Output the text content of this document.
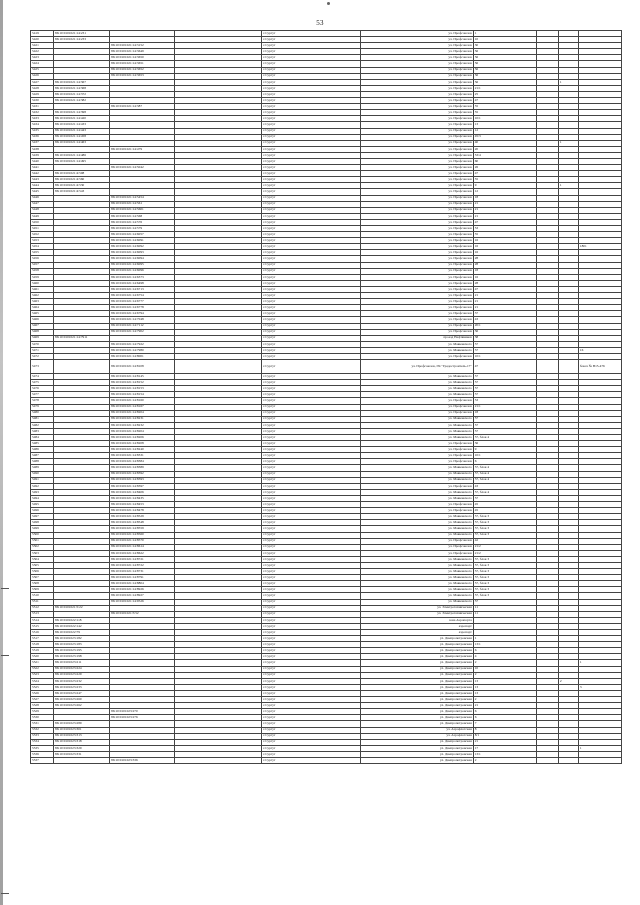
53
5419	86:10:0101021:14:231			г.Сургут	ул. Профсоюзов	1			
5420	86:10:0101021:14:233			г.Сургут	ул. Профсоюзов	10			
5421		86:10:0101021:14:3152		г.Сургут	ул. Профсоюзов	30			
5422		86:10:0101021:14:3649		г.Сургут	ул. Профсоюзов	56			
5423		86:10:0101021:14:3650		г.Сургут	ул. Профсоюзов	56			
5424		86:10:0101021:14:3651		г.Сургут	ул. Профсоюзов	56			
5425		86:10:0101021:14:3652		г.Сургут	ул. Профсоюзов	56			
5426		86:10:0101021:14:3653		г.Сургут	ул. Профсоюзов	56			
5427	86:10:0101021:14:367			г.Сургут	ул. Профсоюзов	56		1	
5428	86:10:0101021:14:368			г.Сургут	ул. Профсоюзов	21/1			
5429	86:10:0101021:14:372			г.Сургут	ул. Профсоюзов	25			
5430	86:10:0101021:14:382			г.Сургут	ул. Профсоюзов	47			
5431		86:10:0101021:14:387		г.Сургут	ул. Профсоюзов	55			
5432	86:10:0101021:14:398			г.Сургут	ул. Профсоюзов	55			
5433	86:10:0101021:14:420			г.Сургут	ул. Профсоюзов	10/1			
5434	86:10:0101021:14:433			г.Сургут	ул. Профсоюзов	13			
5435	86:10:0101021:14:443			г.Сургут	ул. Профсоюзов	12			
5436	86:10:0101021:14:458			г.Сургут	ул. Профсоюзов	45/3			
5437	86:10:0101021:14:463			г.Сургут	ул. Профсоюзов	40		1	
5438		86:10:0101021:14:479		г.Сургут	ул. Профсоюзов	20			
5439	86:10:0101021:14:486			г.Сургут	ул. Профсоюзов	53/4			
5440	86:10:0101021:14:495			г.Сургут	ул. Профсоюзов	60			
5441		86:10:0101021:14:5042		г.Сургут	ул. Профсоюзов	26			
5442	86:10:0101021:4:508			г.Сургут	ул. Профсоюзов	47			
5443	86:10:0101021:4:560			г.Сургут	ул. Профсоюзов	55			
5444	86:10:0101021:4:530			г.Сургут	ул. Профсоюзов	9		1	
5445	86:10:0101021:4:543			г.Сургут	ул. Профсоюзов	12			
5446		86:10:0101021:14:5454		г.Сургут	ул. Профсоюзов	18			
5447		86:10:0101021:14:561		г.Сургут	ул. Профсоюзов	21			
5448		86:10:0101021:14:5601		г.Сургут	ул. Профсоюзов	21			
5449		86:10:0101021:14:568		г.Сургут	ул. Профсоюзов	21			
5450		86:10:0101021:14:576		г.Сургут	ул. Профсоюзов	47			
5451		86:10:0101021:14:579		г.Сургут	ул. Профсоюзов	53			
5452		86:10:0101021:14:6057		г.Сургут	ул. Профсоюзов	55			
5453		86:10:0101021:14:6091		г.Сургут	ул. Профсоюзов	16			
5454		86:10:0101021:14:6092		г.Сургут	ул. Профсоюзов	16			1801
5455		86:10:0101021:14:6093		г.Сургут	ул. Профсоюзов	16			
5456		86:10:0101021:14:6094		г.Сургут	ул. Профсоюзов	28			
5457		86:10:0101021:14:6095		г.Сургут	ул. Профсоюзов	28			
5458		86:10:0101021:14:6096		г.Сургут	ул. Профсоюзов	18			
5459		86:10:0101021:14:6373		г.Сургут	ул. Профсоюзов	16			
5460		86:10:0101021:14:6498		г.Сургут	ул. Профсоюзов	28			
5461		86:10:0101021:14:6713		г.Сургут	ул. Профсоюзов	47			
5462		86:10:0101021:14:6754		г.Сургут	ул. Профсоюзов	21			
5463		86:10:0101021:14:6777		г.Сургут	ул. Профсоюзов	21			
5464		86:10:0101021:14:6778		г.Сургут	ул. Профсоюзов	21			
5465		86:10:0101021:14:6794		г.Сургут	ул. Профсоюзов	37			
5466		86:10:0101021:14:7048		г.Сургут	ул. Профсоюзов	43			
5467		86:10:0101021:14:7112		г.Сургут	ул. Профсоюзов	20/1			
5468		86:10:0101021:14:7902		г.Сургут	ул. Профсоюзов	36			
5469	86:10:0101021:14:7911			г.Сургут	проезд Нефтяников	38			
5470		86:10:0101021:14:7922		г.Сургут	ул. Маяковского	57			
5471		86:10:0101021:14:7980		г.Сургут	ул. Маяковского	57			16
5472		86:10:0101021:14:8001		г.Сургут	ул. Профсоюзов	10/1			
5473		86:10:0101021:14:8108		г.Сургут	ул. Профсоюзов, ГК "Градостроитель-17"	47			бокса № В15-476
5474		86:10:0101021:14:8145		г.Сургут	ул. Маяковского	57			
5475		86:10:0101021:14:8152		г.Сургут	ул. Маяковского	57			
5476		86:10:0101021:14:8153		г.Сургут	ул. Маяковского	57			
5477		86:10:0101021:14:8154		г.Сургут	ул. Маяковского	57			
5478		86:10:0101021:14:8160		г.Сургут	ул. Профсоюзов	53			
5479		86:10:0101021:14:8167		г.Сургут	ул. Профсоюзов	21/1			
5480		86:10:0101021:14:8204		г.Сургут	ул. Профсоюзов	18			
5481		86:10:0101021:14:8231		г.Сургут	ул. Маяковского	57			
5482		86:10:0101021:14:8232		г.Сургут	ул. Маяковского	57			
5483		86:10:0101021:14:8204		г.Сургут	ул. Маяковского	57			
5484		86:10:0101021:14:8206		г.Сургут	ул. Маяковского	57, блок 4			
5485		86:10:0101021:14:8208		г.Сургут	ул. Профсоюзов	36			
5486		86:10:0101021:14:8240		г.Сургут	ул. Профсоюзов	9			
5487		86:10:0101021:14:8331		г.Сургут	ул. Профсоюзов	10/1			
5488		86:10:0101021:14:8384		г.Сургут	ул. Профсоюзов	6			
5489		86:10:0101021:14:8389		г.Сургут	ул. Маяковского	57, блок 4			
5490		86:10:0101021:14:8392		г.Сургут	ул. Маяковского	57, блок 4			
5491		86:10:0101021:14:8393		г.Сургут	ул. Маяковского	57, блок 4			
5492		86:10:0101021:14:8397		г.Сургут	ул. Профсоюзов	43			
5493		86:10:0101021:14:8406		г.Сургут	ул. Маяковского	57, блок 4			
5494		86:10:0101021:14:8435		г.Сургут	ул. Маяковского	57			
5495		86:10:0101021:14:8453		г.Сургут	ул. Профсоюзов	45			
5496		86:10:0101021:14:8478		г.Сургут	ул. Профсоюзов	45			
5497		86:10:0101021:14:8529		г.Сургут	ул. Маяковского	57, блок 3			
5498		86:10:0101021:14:8548		г.Сургут	ул. Маяковского	57, блок 3			
5499		86:10:0101021:14:8559		г.Сургут	ул. Маяковского	57, блок 3			
5500		86:10:0101021:14:8560		г.Сургут	ул. Маяковского	57, блок 3			
5501		86:10:0101021:14:8570		г.Сургут	ул. Профсоюзов	42			
5502		86:10:0101021:14:8614		г.Сургут	ул. Профсоюзов	21/2			
5503		86:10:0101021:14:8622		г.Сургут	ул. Профсоюзов	21/2			
5504		86:10:0101021:14:8721		г.Сургут	ул. Маяковского	57, блок 3			
5505		86:10:0101021:14:8722		г.Сургут	ул. Маяковского	57, блок 3			
5506		86:10:0101021:14:8731		г.Сургут	ул. Маяковского	57, блок 3			
5507		86:10:0101021:14:8791		г.Сургут	ул. Маяковского	57, блок 3			
5508		86:10:0101021:14:8804		г.Сургут	ул. Маяковского	57, блок 3			
5509		86:10:0101021:14:8926		г.Сургут	ул. Маяковского	57, блок 3			
5510		86:10:0101021:14:8927		г.Сургут	ул. Маяковского	57, блок 3			
5511		86:10:0101021:14:9526		г.Сургут	ул. Маяковского	57			
5512	86:10:0101021:5:22			г.Сургут	ул. Электротехническая	11			
5513		86:10:0101021:5:52		г.Сургут	ул. Электротехническая	11			
5514	86:10:0101022:118			г.Сургут	зона Аэропорта				
5515	86:10:0101022:142			г.Сургут	аэропорт				
5516	86:10:0101022:79			г.Сургут	аэропорт				
5517	86:10:0101023:182			г.Сургут	ул. Днепропетровская	1			
5518	86:10:0101023:183			г.Сургут	ул. Днепропетровская	13/1			
5519	86:10:0101023:195			г.Сургут	ул. Днепропетровская	6			
5520	86:10:0101023:198			г.Сургут	ул. Днепропетровская	4			
5521	86:10:0101023:211			г.Сургут	ул. Днепропетровская	2			1
5522	86:10:0101023:224			г.Сургут	ул. Днепропетровская	10			
5523	86:10:0101023:229			г.Сургут	ул. Днепропетровская	2			
5524	86:10:0101023:232			г.Сургут	ул. Днепропетровская	13		2	
5525	86:10:0101023:233			г.Сургут	ул. Днепропетровская	13			3
5526	86:10:0101023:247			г.Сургут	ул. Днепропетровская	13			
5527	86:10:0101023:260			г.Сургут	ул. Днепропетровская	2			
5528	86:10:0101023:262			г.Сургут	ул. Днепропетровская	21			
5529		86:10:0101023:270		г.Сургут	ул. Днепропетровская	6			
5530		86:10:0101023:276		г.Сургут	ул. Днепропетровская	6			
5531	86:10:0101023:289			г.Сургут	ул. Днепропетровская	7			
5532	86:10:0101023:301			г.Сургут	ул. Аэрофлотская	8			
5533	86:10:0101023:313			г.Сургут	ул. Аэрофлотская	8/1			
5534	86:10:0101023:318			г.Сургут	ул. Днепропетровская	21			
5535	86:10:0101023:329			г.Сургут	ул. Днепропетровская	17			1
5536	86:10:0101023:331			г.Сургут	ул. Днепропетровская	13/1			
5537		86:10:0101023:336		г.Сургут	ул. Днепропетровская	2			
